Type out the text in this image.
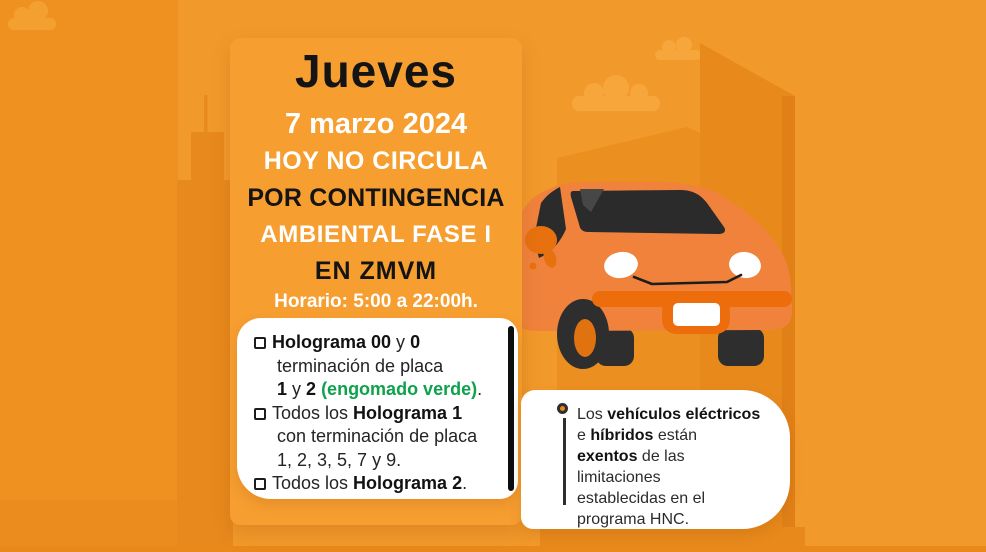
Jueves
7 marzo 2024
HOY NO CIRCULA
POR CONTINGENCIA
AMBIENTAL FASE I
EN ZMVM
Horario: 5:00 a 22:00h.
Holograma 00 y 0
terminación de placa
1 y 2 (engomado verde).
Todos los Holograma 1
con terminación de placa
1, 2, 3, 5, 7 y 9.
Todos los Holograma 2.
Los vehículos eléctricos
e híbridos están
exentos de las
limitaciones
establecidas en el
programa HNC.
